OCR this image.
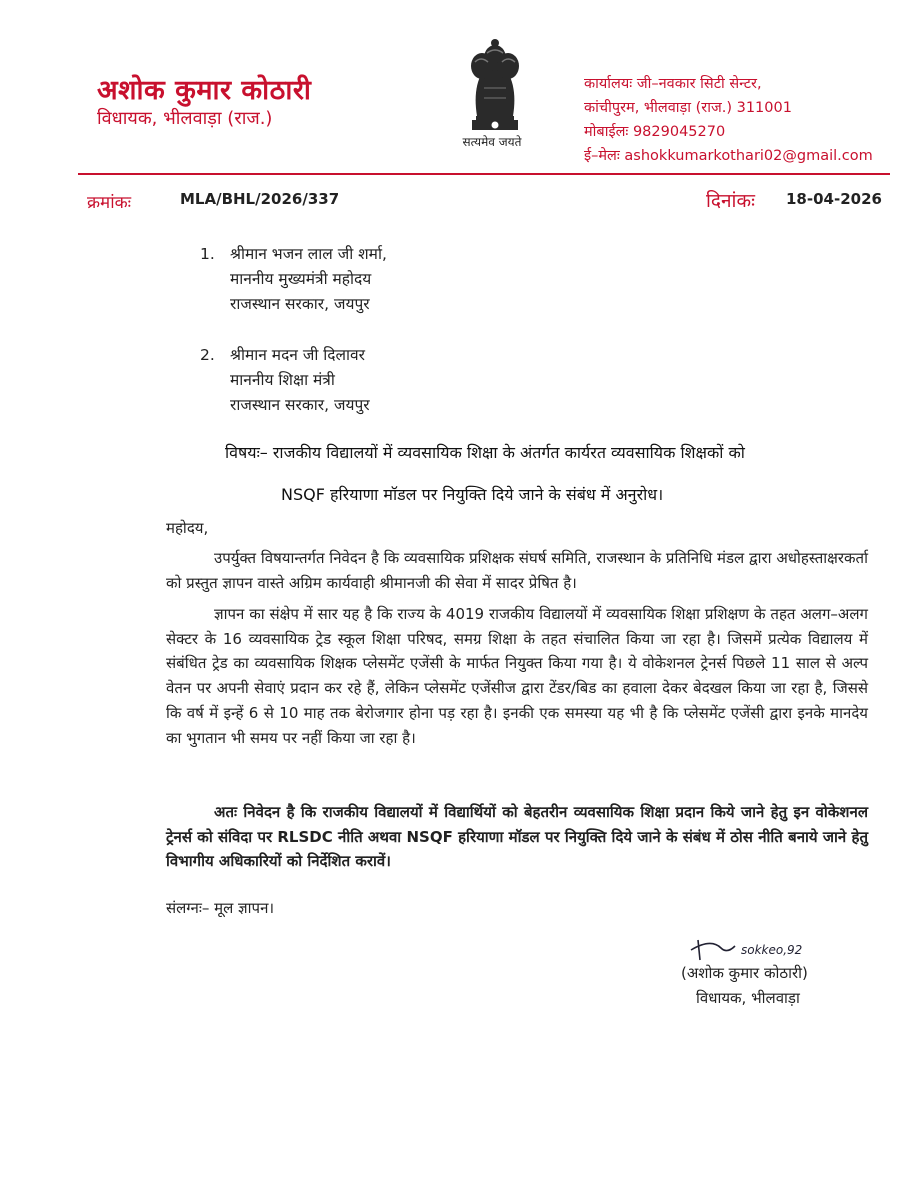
अशोक कुमार कोठारी
विधायक, भीलवाड़ा (राज.)
सत्यमेव जयते
कार्यालयः जी–नवकार सिटी सेन्टर,
कांचीपुरम, भीलवाड़ा (राज.) 311001
मोबाईलः 9829045270
ई–मेलः ashokkumarkothari02@gmail.com
क्रमांकः	MLA/BHL/2026/337	दिनांकः 18-04-2026
1. श्रीमान भजन लाल जी शर्मा,
माननीय मुख्यमंत्री महोदय
राजस्थान सरकार, जयपुर
2. श्रीमान मदन जी दिलावर
माननीय शिक्षा मंत्री
राजस्थान सरकार, जयपुर
विषयः– राजकीय विद्यालयों में व्यवसायिक शिक्षा के अंतर्गत कार्यरत व्यवसायिक शिक्षकों को
NSQF हरियाणा मॉडल पर नियुक्ति दिये जाने के संबंध में अनुरोध।
महोदय,
उपर्युक्त विषयान्तर्गत निवेदन है कि व्यवसायिक प्रशिक्षक संघर्ष समिति, राजस्थान के प्रतिनिधि मंडल द्वारा अधोहस्ताक्षरकर्ता को प्रस्तुत ज्ञापन वास्ते अग्रिम कार्यवाही श्रीमानजी की सेवा में सादर प्रेषित है।
ज्ञापन का संक्षेप में सार यह है कि राज्य के 4019 राजकीय विद्यालयों में व्यवसायिक शिक्षा प्रशिक्षण के तहत अलग–अलग सेक्टर के 16 व्यवसायिक ट्रेड स्कूल शिक्षा परिषद, समग्र शिक्षा के तहत संचालित किया जा रहा है। जिसमें प्रत्येक विद्यालय में संबंधित ट्रेड का व्यवसायिक शिक्षक प्लेसमेंट एजेंसी के मार्फत नियुक्त किया गया है। ये वोकेशनल ट्रेनर्स पिछले 11 साल से अल्प वेतन पर अपनी सेवाएं प्रदान कर रहे हैं, लेकिन प्लेसमेंट एजेंसीज द्वारा टेंडर/बिड का हवाला देकर बेदखल किया जा रहा है, जिससे कि वर्ष में इन्हें 6 से 10 माह तक बेरोजगार होना पड़ रहा है। इनकी एक समस्या यह भी है कि प्लेसमेंट एजेंसी द्वारा इनके मानदेय का भुगतान भी समय पर नहीं किया जा रहा है।
अतः निवेदन है कि राजकीय विद्यालयों में विद्यार्थियों को बेहतरीन व्यवसायिक शिक्षा प्रदान किये जाने हेतु इन वोकेशनल ट्रेनर्स को संविदा पर RLSDC नीति अथवा NSQF हरियाणा मॉडल पर नियुक्ति दिये जाने के संबंध में ठोस नीति बनाये जाने हेतु विभागीय अधिकारियों को निर्देशित करावें।
संलग्नः– मूल ज्ञापन।
sokkeo,92
(अशोक कुमार कोठारी)
विधायक, भीलवाड़ा
